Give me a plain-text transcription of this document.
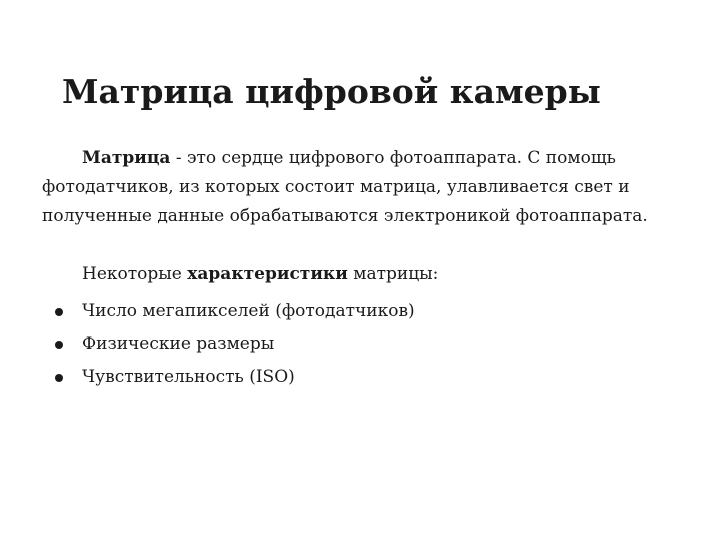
Матрица цифровой камеры
Матрица - это сердце цифрового фотоаппарата. С помощь фотодатчиков, из которых состоит матрица, улавливается свет и полученные данные обрабатываются электроникой фотоаппарата.
Некоторые характеристики матрицы:
Число мегапикселей (фотодатчиков)
Физические размеры
Чувствительность (ISO)
